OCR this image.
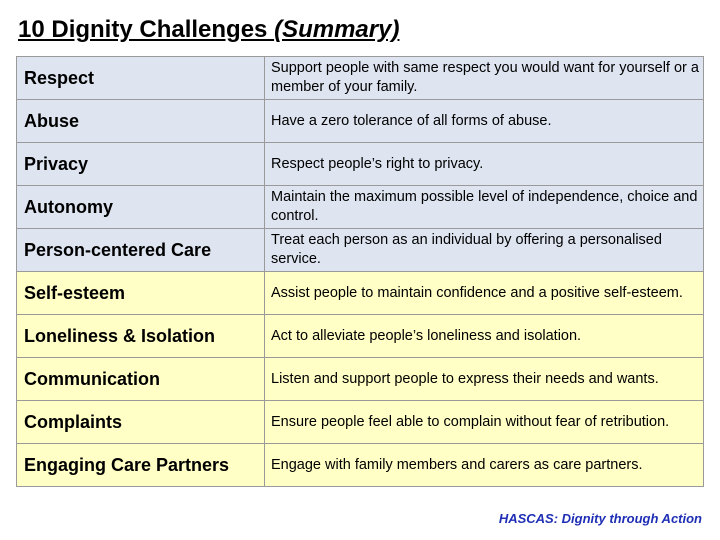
10 Dignity Challenges (Summary)
Respect	Support people with same respect you would want for yourself or a member of your family.
Abuse	Have a zero tolerance of all forms of abuse.
Privacy	Respect people’s right to privacy.
Autonomy	Maintain the maximum possible level of independence, choice and control.
Person-centered Care	Treat each person as an individual by offering a personalised service.
Self-esteem	Assist people to maintain confidence and a positive self-esteem.
Loneliness & Isolation	Act to alleviate people’s loneliness and isolation.
Communication	Listen and support people to express their needs and wants.
Complaints	Ensure people feel able to complain without fear of retribution.
Engaging Care Partners	Engage with family members and carers as care partners.
HASCAS: Dignity through Action
